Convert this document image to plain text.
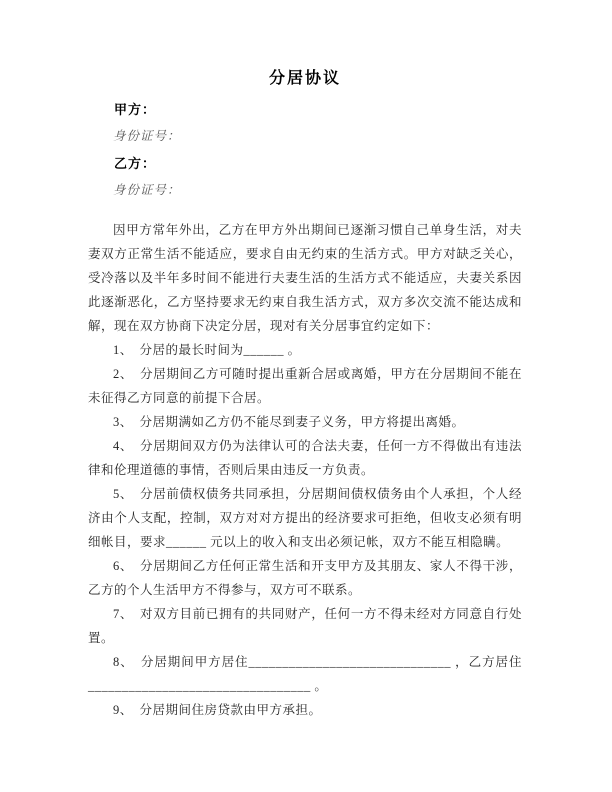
分居协议

甲方：

身份证号：

乙方：

身份证号：

因甲方常年外出，乙方在甲方外出期间已逐渐习惯自己单身生活，对夫妻双方正常生活不能适应，要求自由无约束的生活方式。甲方对缺乏关心，受冷落以及半年多时间不能进行夫妻生活的生活方式不能适应，夫妻关系因此逐渐恶化，乙方坚持要求无约束自我生活方式，双方多次交流不能达成和解，现在双方协商下决定分居，现对有关分居事宜约定如下：

1、　分居的最长时间为______ 。

2、　分居期间乙方可随时提出重新合居或离婚，甲方在分居期间不能在未征得乙方同意的前提下合居。

3、　分居期满如乙方仍不能尽到妻子义务，甲方将提出离婚。

4、　分居期间双方仍为法律认可的合法夫妻，任何一方不得做出有违法律和伦理道德的事情，否则后果由违反一方负责。

5、　分居前债权债务共同承担，分居期间债权债务由个人承担，个人经济由个人支配，控制，双方对对方提出的经济要求可拒绝，但收支必须有明细帐目，要求______ 元以上的收入和支出必须记帐，双方不能互相隐瞒。

6、　分居期间乙方任何正常生活和开支甲方及其朋友、家人不得干涉，乙方的个人生活甲方不得参与，双方可不联系。

7、　对双方目前已拥有的共同财产，任何一方不得未经对方同意自行处置。

8、　分居期间甲方居住______________________________ ，乙方居住_________________________________ 。

9、　分居期间住房贷款由甲方承担。
